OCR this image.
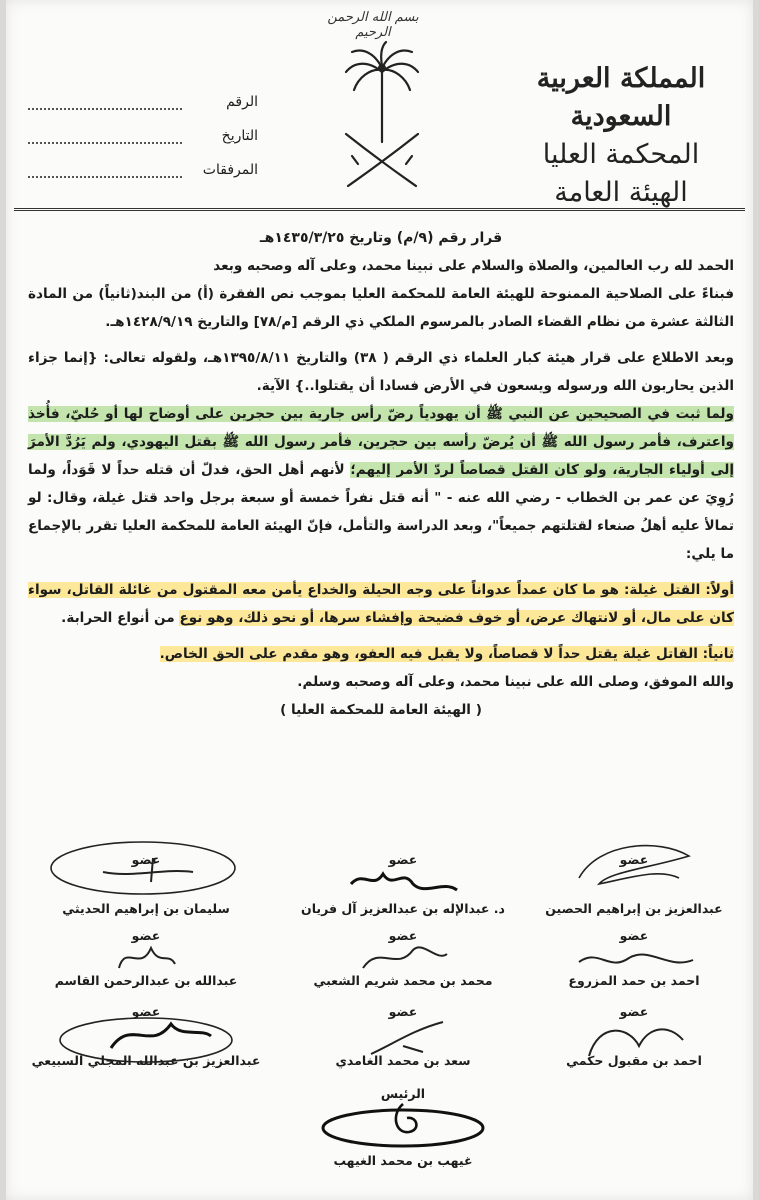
بسم الله الرحمن الرحيم
المملكة العربية السعودية
المحكمة العليا
الهيئة العامة
الرقم
التاريخ
المرفقات

قرار رقم (٩/م) وتاريخ ١٤٣٥/٣/٢٥هـ

الحمد لله رب العالمين، والصلاة والسلام على نبينا محمد، وعلى آله وصحبه وبعد

فبناءً على الصلاحية الممنوحة للهيئة العامة للمحكمة العليا بموجب نص الفقرة (أ) من البند(ثانياً) من المادة الثالثة عشرة من نظام القضاء الصادر بالمرسوم الملكي ذي الرقم [م/٧٨] والتاريخ ١٤٢٨/٩/١٩هـ.

وبعد الاطلاع على قرار هيئة كبار العلماء ذي الرقم ( ٣٨) والتاريخ ١٣٩٥/٨/١١هـ، ولقوله تعالى: {إنما جزاء الذين يحاربون الله ورسوله ويسعون في الأرض فسادا أن يقتلوا..} الآية.

ولما ثبت في الصحيحين عن النبي ﷺ أن يهودياً رضّ رأس جارية بين حجرين على أوضاح لها أو حُليّ، فأُخذ واعترف، فأمر رسول الله ﷺ أن يُرضّ رأسه بين حجرين، فأمر رسول الله ﷺ بقتل اليهودي، ولم يَرُدَّ الأمرَ إلى أولياء الجارية، ولو كان القتل قصاصاً لردّ الأمر إليهم؛ لأنهم أهل الحق، فدلّ أن قتله حداً لا قَوَداً، ولما رُوِيَ عن عمر بن الخطاب - رضي الله عنه - " أنه قتل نفراً خمسة أو سبعة برجل واحد قتل غيلة، وقال: لو تمالأ عليه أهلُ صنعاء لقتلتهم جميعاً"، وبعد الدراسة والتأمل، فإنّ الهيئة العامة للمحكمة العليا تقرر بالإجماع ما يلي:

أولاً: القتل غيلة: هو ما كان عمداً عدواناً على وجه الحيلة والخداع يأمن معه المقتول من غائلة القاتل، سواء كان على مال، أو لانتهاك عرض، أو خوف فضيحة وإفشاء سرها، أو نحو ذلك، وهو نوع من أنواع الحرابة.

ثانياً: القاتل غيلة يقتل حداً لا قصاصاً، ولا يقبل فيه العفو، وهو مقدم على الحق الخاص.

والله الموفق، وصلى الله على نبينا محمد، وعلى آله وصحبه وسلم.

( الهيئة العامة للمحكمة العليا )

عضو
عبدالعزيز بن إبراهيم الحصين
عضو
د. عبدالإله بن عبدالعزيز آل فريان
عضو
سليمان بن إبراهيم الحديثي
عضو
احمد بن حمد المزروع
عضو
محمد بن محمد شريم الشعبي
عضو
عبدالله بن عبدالرحمن القاسم
عضو
احمد بن مقبول حكمي
عضو
سعد بن محمد الغامدي
عضو
عبدالعزيز بن عبدالله المجلي السبيعي
الرئيس
غيهب بن محمد الغيهب
